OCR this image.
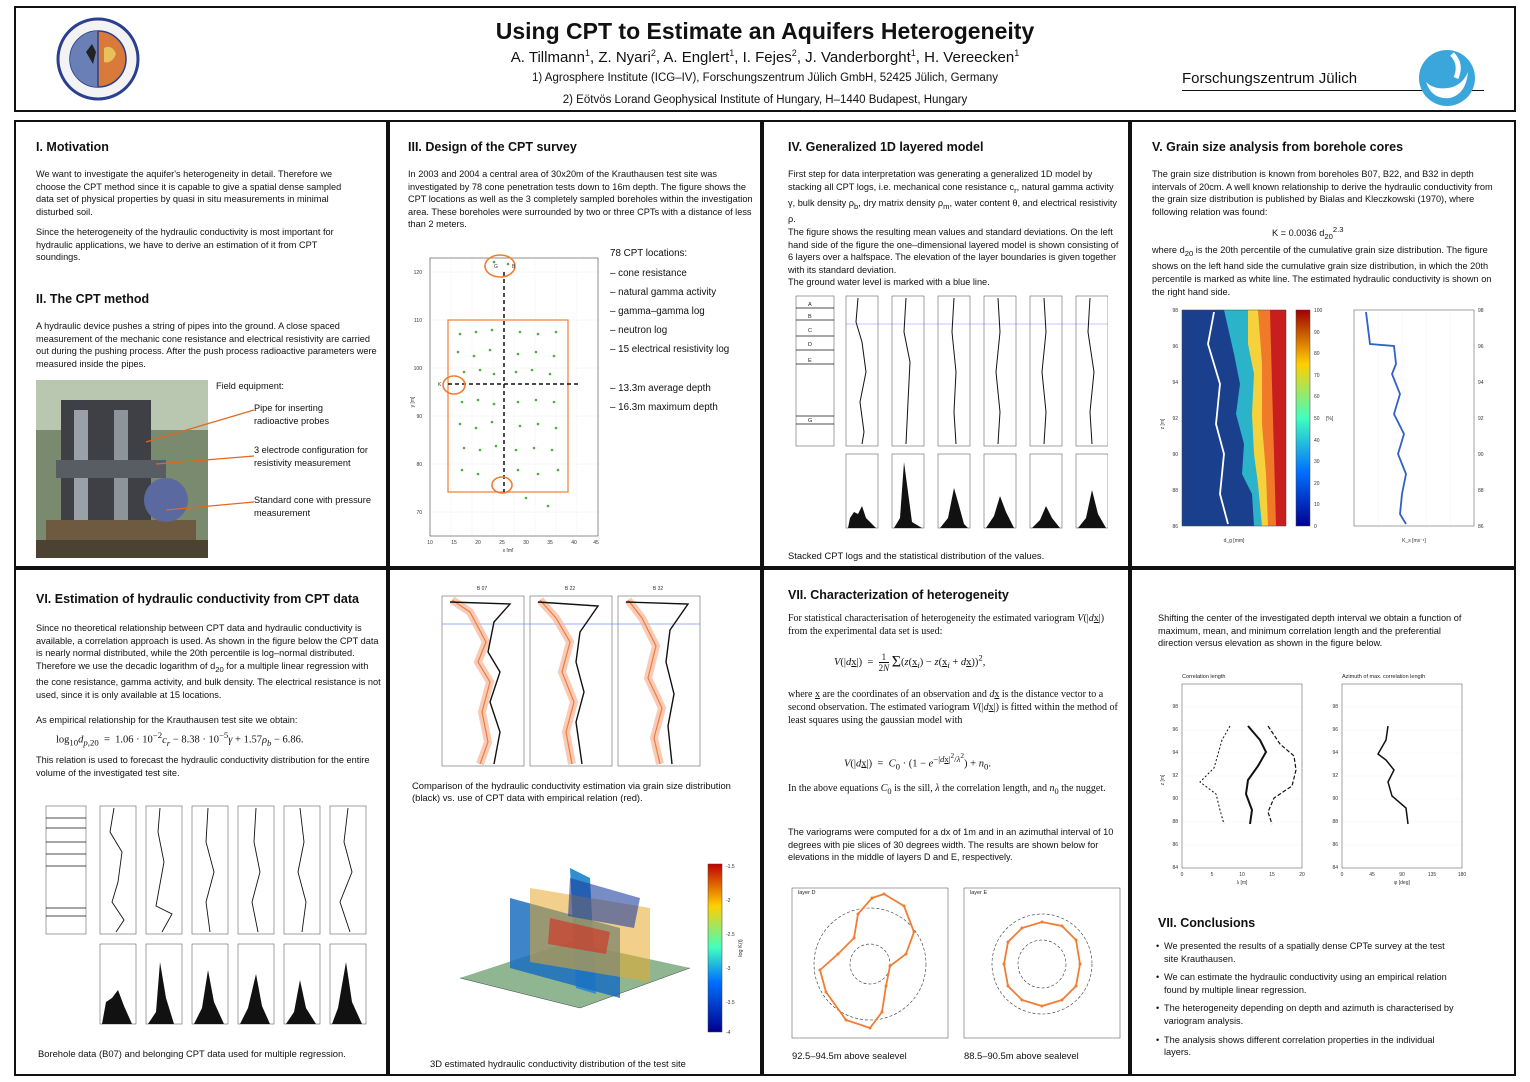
Using CPT to Estimate an Aquifers Heterogeneity
A. Tillmann$^1$, Z. Nyari$^2$, A. Englert$^1$, I. Fejes$^2$, J. Vanderborght$^1$, H. Vereecken$^1$
1) Agrosphere Institute (ICG–IV), Forschungszentrum Jülich GmbH, 52425 Jülich, Germany
2) Eötvös Lorand Geophysical Institute of Hungary, H–1440 Budapest, Hungary
Forschungszentrum Jülich
I. Motivation
We want to investigate the aquifer's heterogeneity in detail. Therefore we choose the CPT method since it is capable to give a spatial dense sampled data set of physical properties by quasi in situ measurements in minimal disturbed soil.
Since the heterogeneity of the hydraulic conductivity is most important for hydraulic applications, we have to derive an estimation of it from CPT soundings.
II. The CPT method
A hydraulic device pushes a string of pipes into the ground. A close spaced measurement of the mechanic cone resistance and electrical resistivity are carried out during the pushing process. After the push process radioactive parameters were measured inside the pipes.
Field equipment:
Pipe for inserting radioactive probes
3 electrode configuration for resistivity measurement
Standard cone with pressure measurement
III. Design of the CPT survey
In 2003 and 2004 a central area of 30x20m of the Krauthausen test site was investigated by 78 cone penetration tests down to 16m depth. The figure shows the CPT locations as well as the 3 completely sampled boreholes within the investigation area. These boreholes were surrounded by two or three CPTs with a distance of less than 2 meters.
120
110
100
90
80
70
10	15	20	25	30	35	40	45
x [m]
y [m]
K
G	B
78 CPT locations:
– cone resistance
– natural gamma activity
– gamma–gamma log
– neutron log
– 15 electrical resistivity log
– 13.3m average depth
– 16.3m maximum depth
IV. Generalized 1D layered model
First step for data interpretation was generating a generalized 1D model by stacking all CPT logs, i.e. mechanical cone resistance $c_r$, natural gamma activity γ, bulk density $\rho_b$, dry matrix density $\rho_m$, water content θ, and electrical resistivity ρ.
The figure shows the resulting mean values and standard deviations. On the left hand side of the figure the one–dimensional layered model is shown consisting of 6 layers over a halfspace. The elevation of the layer boundaries is given together with its standard deviation.
The ground water level is marked with a blue line.
A
B
C
D
E
G
Stacked CPT logs and the statistical distribution of the values.
V. Grain size analysis from borehole cores
The grain size distribution is known from boreholes B07, B22, and B32 in depth intervals of 20cm. A well known relationship to derive the hydraulic conductivity from the grain size distribution is published by Bialas and Kleczkowski (1970), where following relation was found:
K = 0.0036 $d_{20}^{2.3}$
where $d_{20}$ is the 20th percentile of the cumulative grain size distribution. The figure shows on the left hand side the cumulative grain size distribution, in which the 20th percentile is marked as white line. The estimated hydraulic conductivity is shown on the right hand side.
100
90
80
70
60
50
40
30
20
10
0
[%]
98
96
94
92
90
88
86
98
96
94
92
90
88
86
z [m]
d_g [mm]	K_s [ms⁻¹]
VI. Estimation of hydraulic conductivity from CPT data
Since no theoretical relationship between CPT data and hydraulic conductivity is available, a correlation approach is used. As shown in the figure below the CPT data is nearly normal distributed, while the 20th percentile is log–normal distributed. Therefore we use the decadic logarithm of $d_{20}$ for a multiple linear regression with the cone resistance, gamma activity, and bulk density. The electrical resistance is not used, since it is only available at 15 locations.
As empirical relationship for the Krauthausen test site we obtain:
$\log_{10}d_{p,20} = 1.06 \cdot 10^{-2}c_r - 8.38 \cdot 10^{-5}\gamma + 1.57\rho_b - 6.86$.
This relation is used to forecast the hydraulic conductivity distribution for the entire volume of the investigated test site.
Borehole data (B07) and belonging CPT data used for multiple regression.
B 07	B 22	B 32
Comparison of the hydraulic conductivity estimation via grain size distribution (black) vs. use of CPT data with empirical relation (red).
-1.5
-2
-2.5
-3
-3.5
-4
log K(i)
3D estimated hydraulic conductivity distribution of the test site
VII. Characterization of heterogeneity
For statistical characterisation of heterogeneity the estimated variogram V(|dx|) from the experimental data set is used:
$V(|dx|) = \frac{1}{2N} \Sigma(z(x_i) - z(x_i + dx))^2$,
where x are the coordinates of an observation and dx is the distance vector to a second observation. The estimated variogram V(|dx|) is fitted within the method of least squares using the gaussian model with
$V(|dx|) = C_0 \cdot (1 - e^{-|dx|^2/\lambda^2}) + n_0$.
In the above equations $C_0$ is the sill, λ the correlation length, and $n_0$ the nugget.
The variograms were computed for a dx of 1m and in an azimuthal interval of 10 degrees with pie slices of 30 degrees width. The results are shown below for elevations in the middle of layers D and E, respectively.
layer D	layer E
92.5–94.5m above sealevel	88.5–90.5m above sealevel
Shifting the center of the investigated depth interval we obtain a function of maximum, mean, and minimum correlation length and the preferential direction versus elevation as shown in the figure below.
Correlation length	Azimuth of max. correlation length
98
96
94
92
90
88
86
84
98
96
94
92
90
88
86
84
0	5	10	15	20	0	45	90	135	180
λ [m]	φ [deg]
z [m]
VII. Conclusions
• We presented the results of a spatially dense CPTe survey at the test site Krauthausen.
• We can estimate the hydraulic conductivity using an empirical relation found by multiple linear regression.
• The heterogeneity depending on depth and azimuth is characterised by variogram analysis.
• The analysis shows different correlation properties in the individual layers.
